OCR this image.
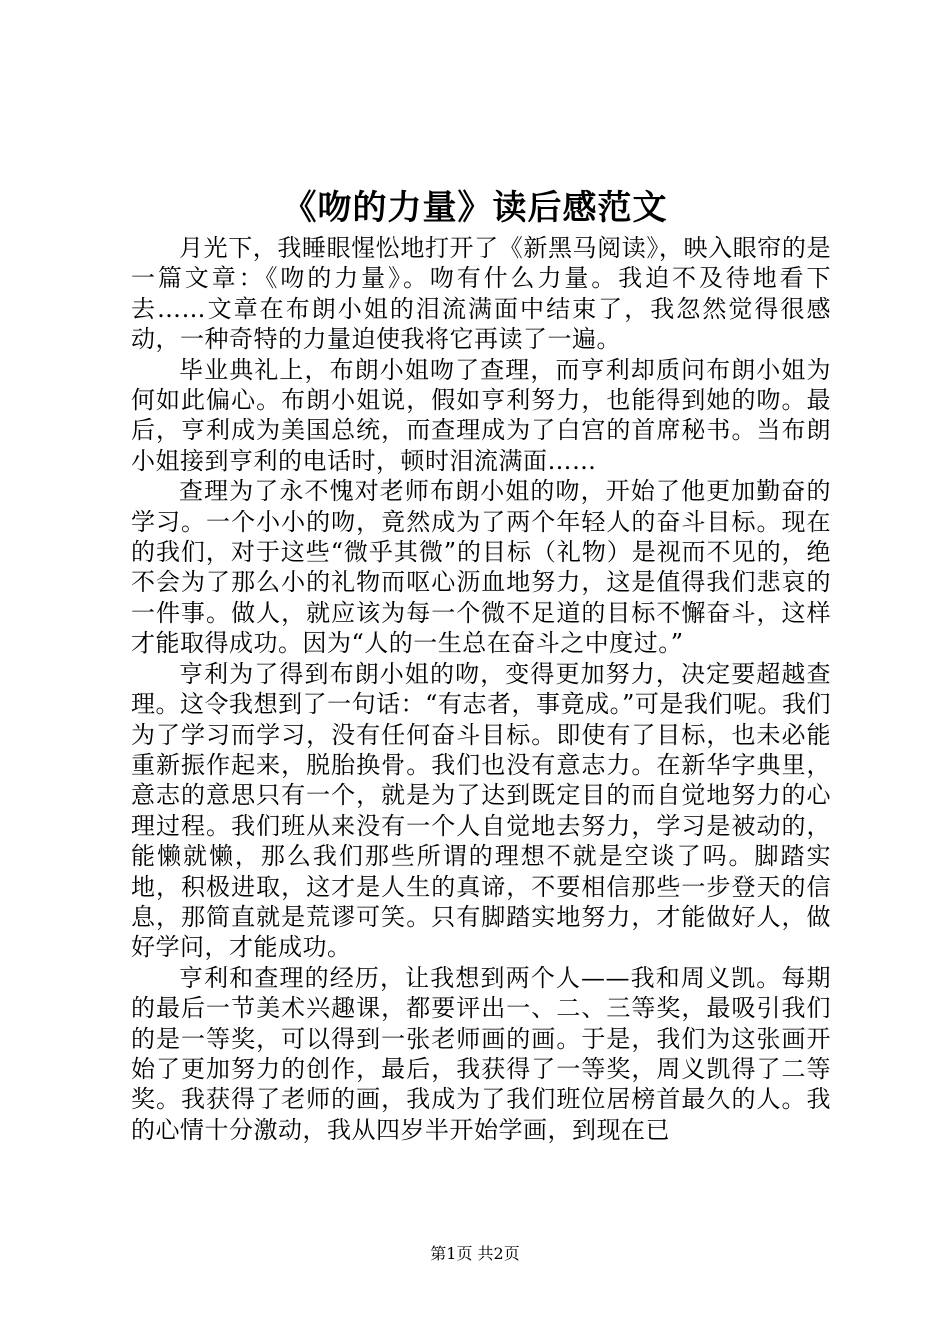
《吻的力量》读后感范文

月光下，我睡眼惺忪地打开了《新黑马阅读》，映入眼帘的是一篇文章：《吻的力量》。吻有什么力量。我迫不及待地看下去……文章在布朗小姐的泪流满面中结束了，我忽然觉得很感动，一种奇特的力量迫使我将它再读了一遍。

毕业典礼上，布朗小姐吻了查理，而亨利却质问布朗小姐为何如此偏心。布朗小姐说，假如亨利努力，也能得到她的吻。最后，亨利成为美国总统，而查理成为了白宫的首席秘书。当布朗小姐接到亨利的电话时，顿时泪流满面……

查理为了永不愧对老师布朗小姐的吻，开始了他更加勤奋的学习。一个小小的吻，竟然成为了两个年轻人的奋斗目标。现在的我们，对于这些“微乎其微”的目标（礼物）是视而不见的，绝不会为了那么小的礼物而呕心沥血地努力，这是值得我们悲哀的一件事。做人，就应该为每一个微不足道的目标不懈奋斗，这样才能取得成功。因为“人的一生总在奋斗之中度过。”

亨利为了得到布朗小姐的吻，变得更加努力，决定要超越查理。这令我想到了一句话：“有志者，事竟成。”可是我们呢。我们为了学习而学习，没有任何奋斗目标。即使有了目标，也未必能重新振作起来，脱胎换骨。我们也没有意志力。在新华字典里，意志的意思只有一个，就是为了达到既定目的而自觉地努力的心理过程。我们班从来没有一个人自觉地去努力，学习是被动的，能懒就懒，那么我们那些所谓的理想不就是空谈了吗。脚踏实地，积极进取，这才是人生的真谛，不要相信那些一步登天的信息，那简直就是荒谬可笑。只有脚踏实地努力，才能做好人，做好学问，才能成功。

亨利和查理的经历，让我想到两个人——我和周义凯。每期的最后一节美术兴趣课，都要评出一、二、三等奖，最吸引我们的是一等奖，可以得到一张老师画的画。于是，我们为这张画开始了更加努力的创作，最后，我获得了一等奖，周义凯得了二等奖。我获得了老师的画，我成为了我们班位居榜首最久的人。我的心情十分激动，我从四岁半开始学画，到现在已

第1页 共2页
